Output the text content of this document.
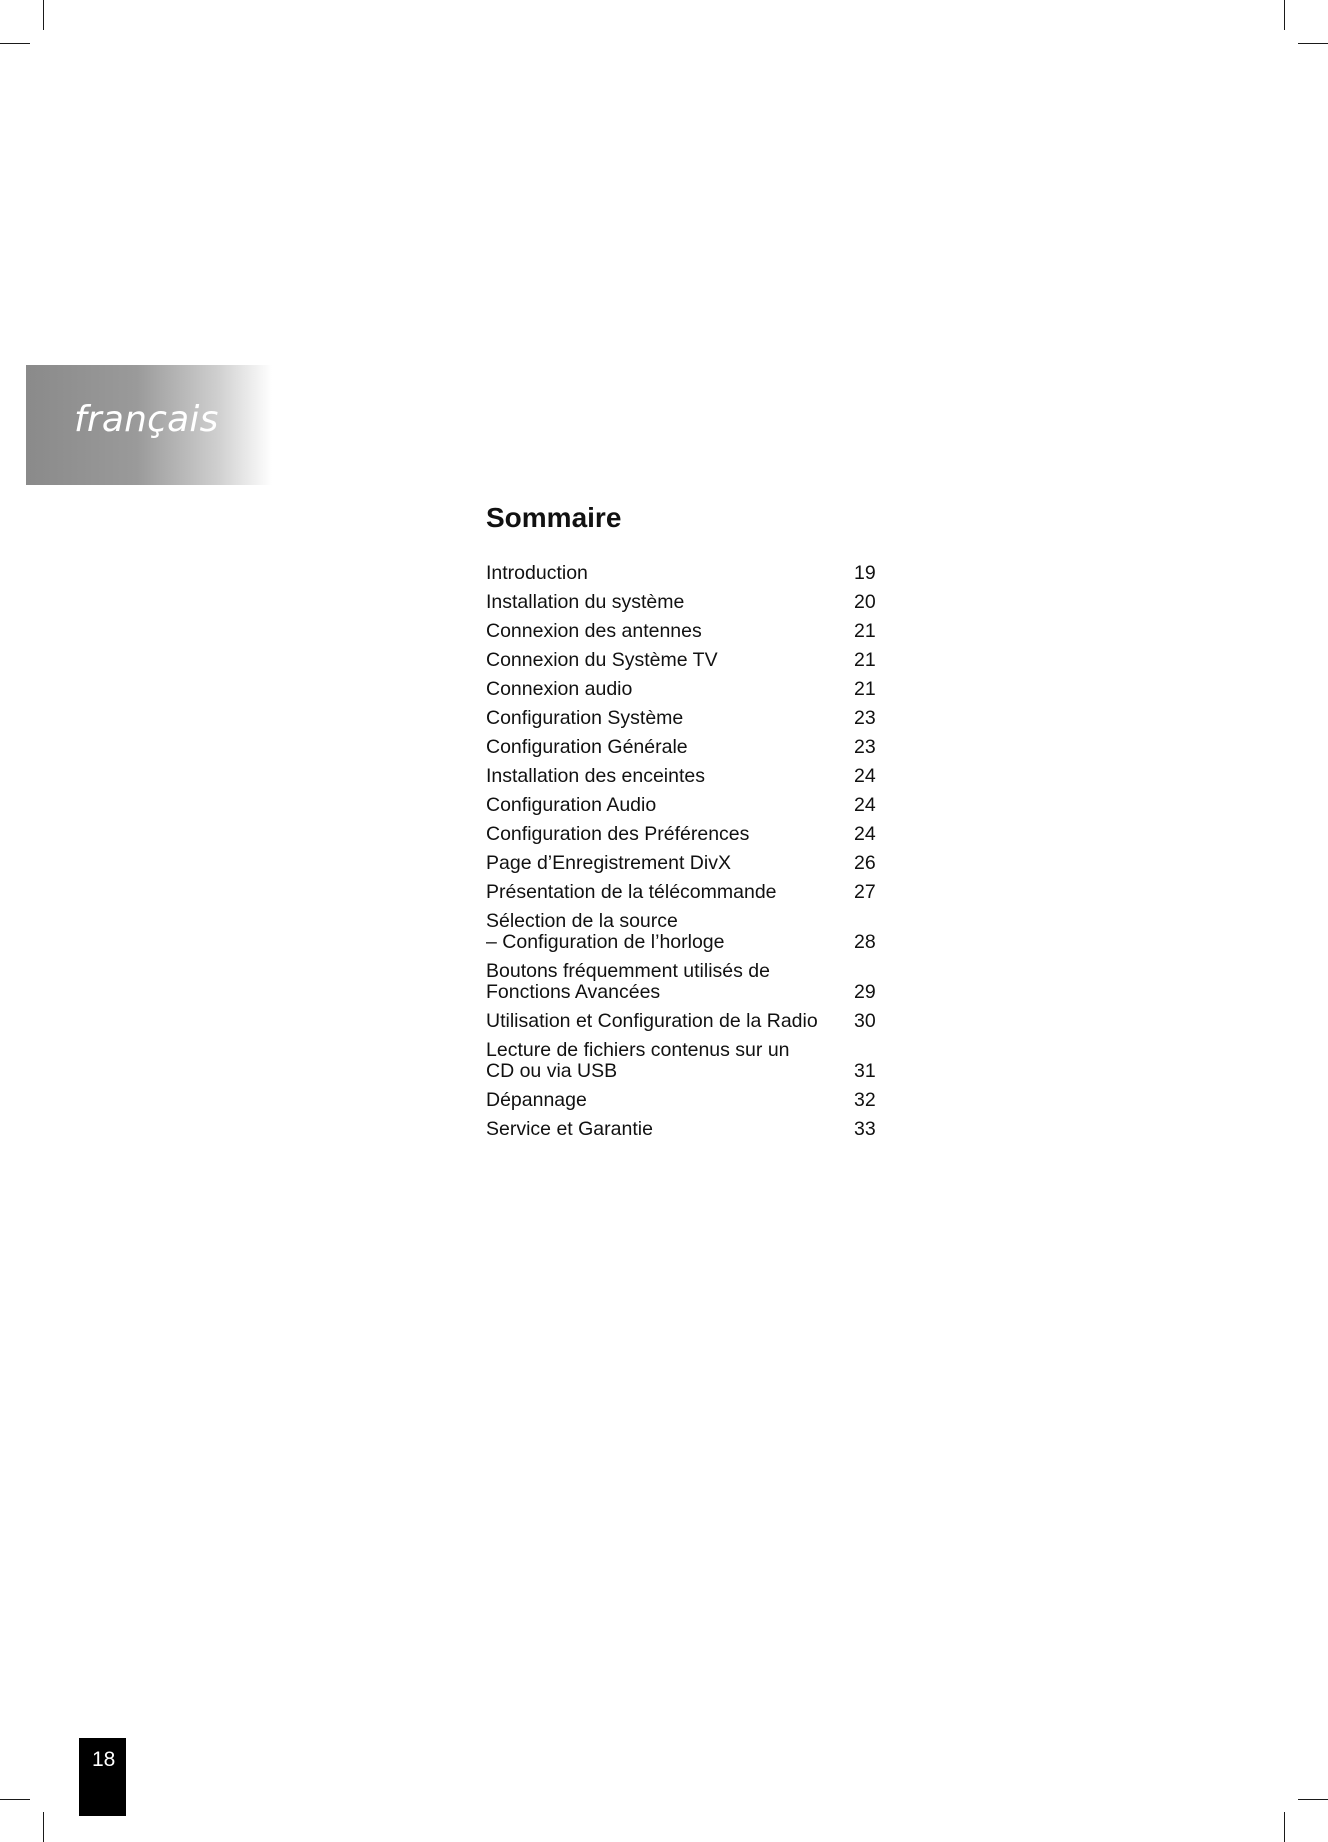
français
Sommaire
Introduction	19
Installation du système	20
Connexion des antennes	21
Connexion du Système TV	21
Connexion audio	21
Configuration Système	23
Configuration Générale	23
Installation des enceintes	24
Configuration Audio	24
Configuration des Préférences	24
Page d’Enregistrement DivX	26
Présentation de la télécommande	27
Sélection de la source
– Configuration de l’horloge	28
Boutons fréquemment utilisés de
Fonctions Avancées	29
Utilisation et Configuration de la Radio 30
Lecture de fichiers contenus sur un
CD ou via USB	31
Dépannage	32
Service et Garantie	33
18
